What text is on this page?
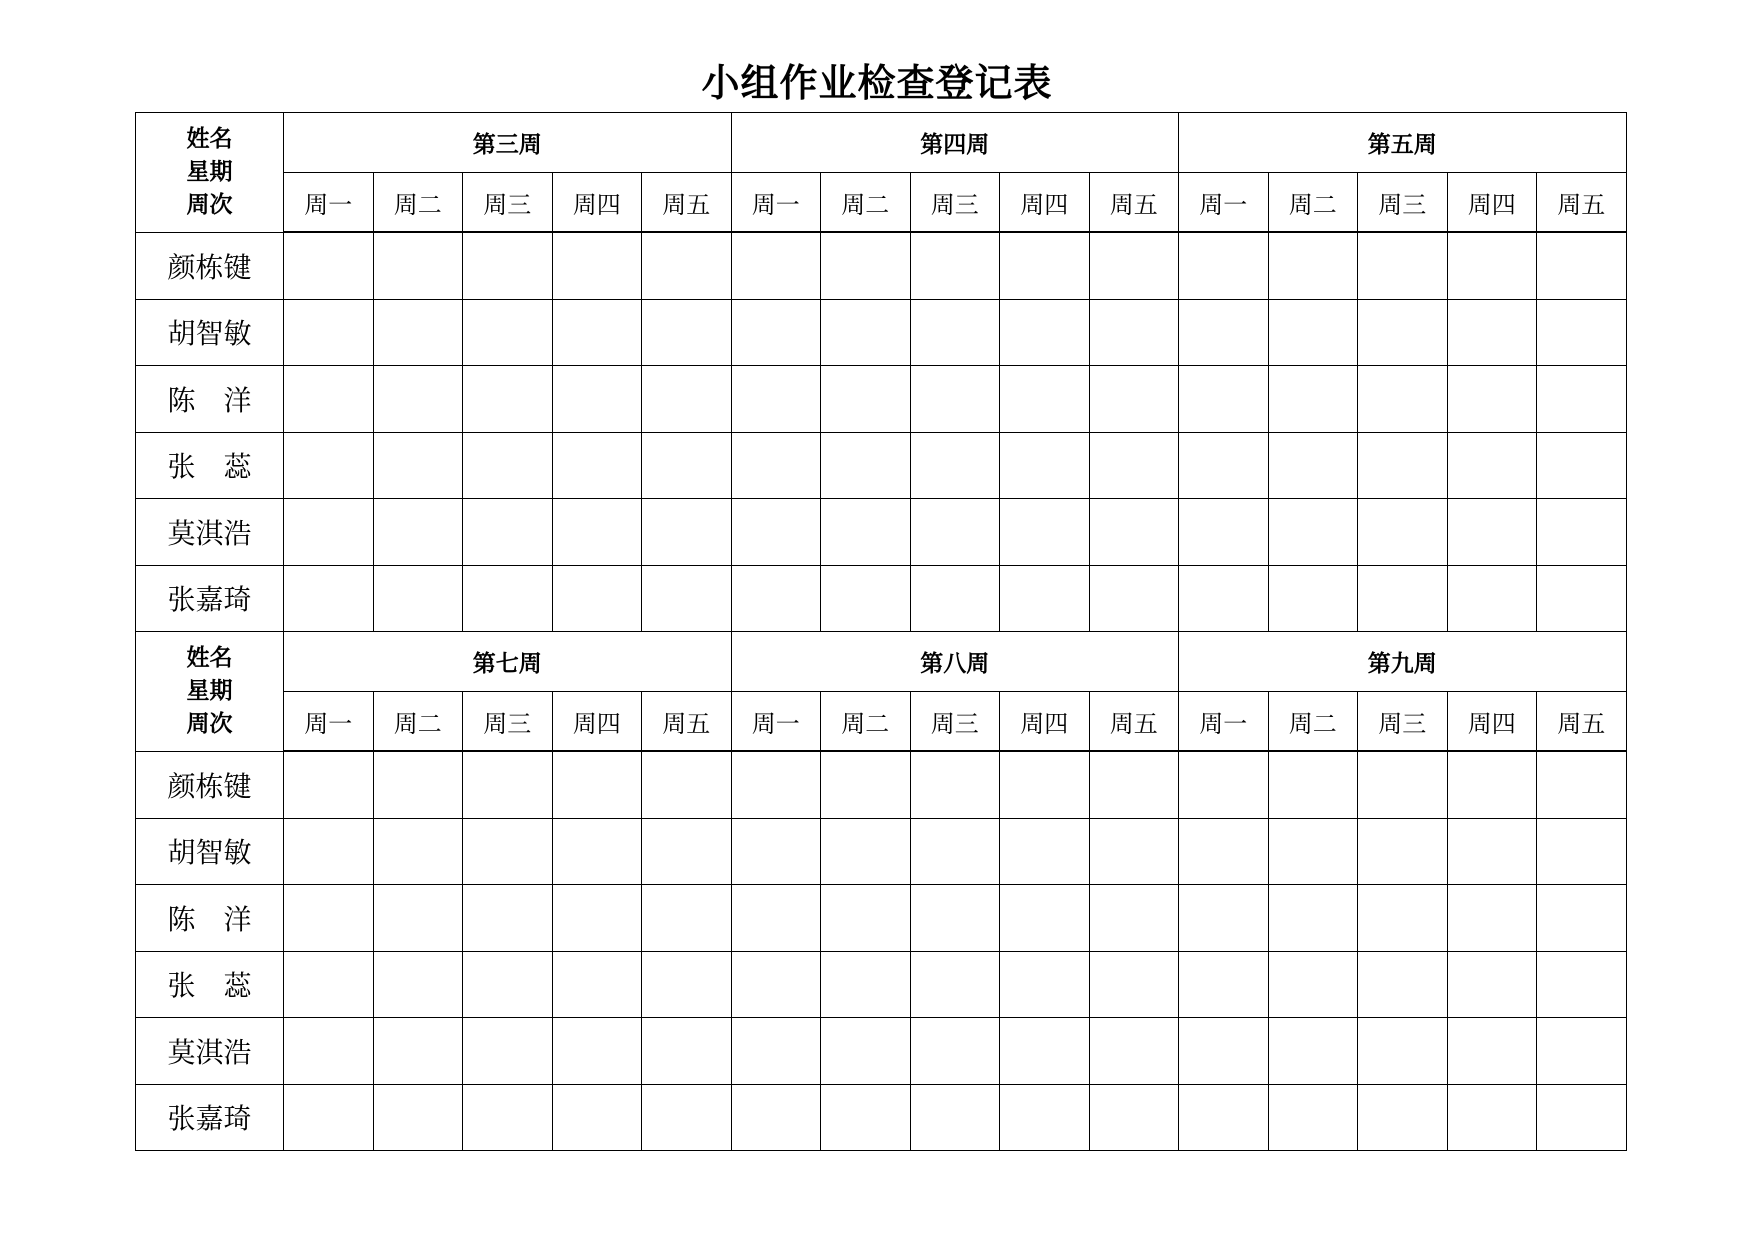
小组作业检查登记表
姓名
星期
周次	第三周					第四周					第五周				
	周一	周二	周三	周四	周五	周一	周二	周三	周四	周五	周一	周二	周三	周四	周五
颜栋键															
胡智敏															
陈　洋															
张　蕊															
莫淇浩															
张嘉琦															

姓名
星期
周次	第七周					第八周					第九周				
	周一	周二	周三	周四	周五	周一	周二	周三	周四	周五	周一	周二	周三	周四	周五
颜栋键															
胡智敏															
陈　洋															
张　蕊															
莫淇浩															
张嘉琦															
